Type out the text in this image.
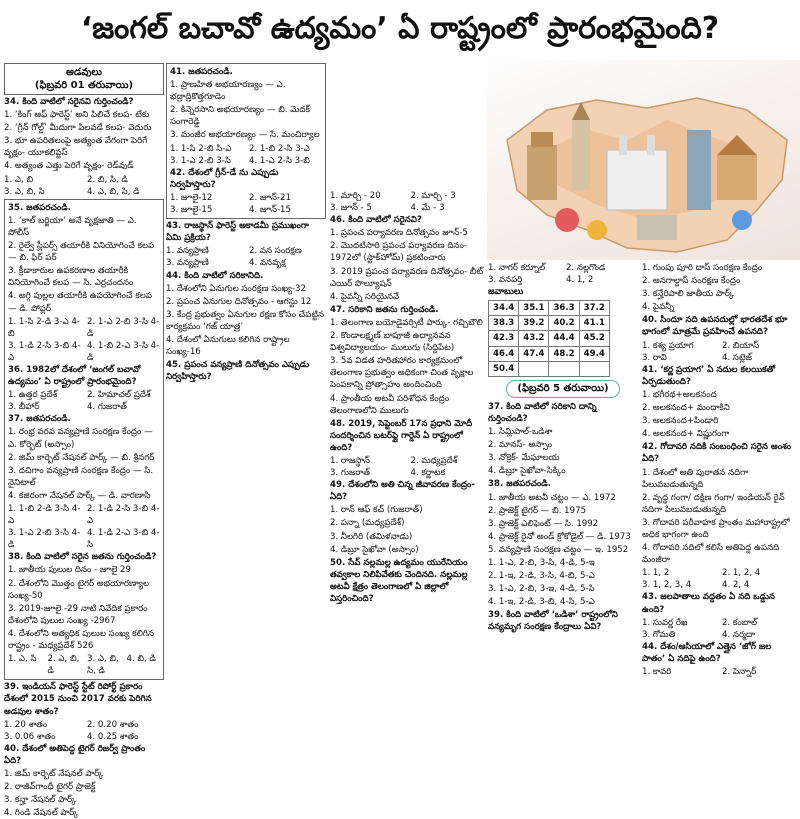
‘జంగల్ బచావో ఉద్యమం’ ఏ రాష్ట్రంలో ప్రారంభమైంది?
అడవులు
(ఫిబ్రవరి 01 తరువాయి)

34. కింది వాటిలో సరైనవి గుర్తించండి?

1. ‘కింగ్ ఆఫ్ ఫారెస్ట్’ అని పిలిచే కలప- టేకు

2. ‘గ్రీన్ గోల్డ్’ మీదుగా పిలవడే కలప- వెదురు

3. భూ ఉపరితలంపై అత్యంత వేగంగా పెరిగే వృక్షం- యూకలిప్టస్

4. అత్యంత ఎత్తు పెరిగే వృక్షం- రెడ్‌వుడ్

1. ఎ, బి	2. బి, సి, డి
3. ఎ, బి, సి	4. ఎ, బి, సి, డి

35. జతపరచండి.

1. ‘కాల్ బర్జియా’ అనే వృక్షజాతి — ఎ. పోలీస్

2. రైల్వే స్లీపర్స్ తయారీకి వినియోగించే కలప — బి. ఫిర్ పర్

3. క్రీడాకారుల ఉపకరణాల తయారీకి వినియోగించే కలప — సి. ఎర్రచందనం

4. అగ్గి పుల్లల తయారీకి ఉపయోగించే కలప — డి. పోప్లర్

1. 1-సి 2-డి 3-ఎ 4-బి
2. 1-ఎ 2-బి 3-సి 4-డి
3. 1-డి 2-సి 3-బి 4-ఎ
4. 1-బి 2-ఎ 3-సి 4-డి

36. 1982లో దేశంలో ‘జంగల్ బచావో ఉద్యమం’ ఏ రాష్ట్రంలో ప్రారంభమైంది?

1. ఉత్తర ప్రదేశ్	2. హిమాచల్ ప్రదేశ్
3. బీహార్	4. గుజరాత్

37. జతపరచండి.

1. రంభ్ర వరవ వన్యప్రాణి సంరక్షణ కేంద్రం — ఎ. కోర్బెట్ (అస్సాం)

2. జిమ్ కార్బెట్ నేషనల్ పార్క్ — బి. శ్రీనగర్

3. దచిగాం వన్యప్రాణి సంరక్షణ కేంద్రం — సి. నైనిటాల్

4. కజిరంగా నేషనల్ పార్క్ — డి. వారణాసి

1. 1-బి 2-డి 3-సి 4-ఎ
2. 1-డి 2-సి 3-బి 4-ఎ
3. 1-ఎ 2-బి 3-సి 4-డి
4. 1-డి 2-ఎ 3-బి 4-సి

38. కింది వాటిలో సరైన జతను గుర్తించండి?

1. జాతీయ పులుల దినం - జూలై 29

2. దేశంలోని మొత్తం టైగర్ అభయారణ్యాల సంఖ్య-50

3. 2019-జూలై -29 నాటి నివేదిక ప్రకారం దేశంలోని పులుల సంఖ్య -2967

4. దేశంలోని అత్యధిక పులుల సంఖ్య కలిగిన రాష్ట్రం - మధ్యప్రదేశ్ 526

1. ఎ, సి	2. ఎ, బి, డి
3. ఎ, బి, సి, డి
4. బి, డి

39. ఇండియన్ ఫారెస్ట్ స్టేట్ రిపోర్ట్ ప్రకారం దేశంలో 2015 నుంచి 2017 వరకు పెరిగిన అడవుల శాతం?

1. 20 శాతం	2. 0.20 శాతం
3. 0.06 శాతం	4. 0.25 శాతం

40. దేశంలో అతిపెద్ద టైగర్ రిజర్వ్ ప్రాంతం ఏది?

1. జిమ్ కార్బెట్ నేషనల్ పార్క్

2. రాజీవ్‌గాంధీ టైగర్ ప్రాజెక్ట్

3. కన్హా నేషనల్ పార్క్

4. గిండి నేషనల్ పార్క్

41. జతపరచండి.

1. ప్రాణహిత అభయారణ్యం — ఎ. భద్రాద్రికొత్తగూడెం

2. కిన్నెరసాని అభయారణ్యం — బి. మెదక్ సంగారెడ్డి

3. మంజీర అభయారణ్యం — సి. మంచిర్యాల

1. 1-సి 2-బి సి-ఎ	2. 1-బి 2-సి 3-ఎ
3. 1-ఎ 2-బి 3-సి	4. 1-ఎ 2-సి 3-బి

42. దేశంలో గ్రీన్-డే ను ఎప్పుడు నిర్వహిస్తారు?

1. జూలై-12	2. జూన్-21
3. జూలై-15	4. జూన్-15

43. రాజస్థాన్ ఫారెస్ట్ అకాడమీ ప్రముఖంగా ఏమి ప్రక్రియ?

1. వన్యప్రాణి	2. వన సంరక్షణ
3. వన్యప్రాణి	4. వనవృక్ష

44. కింది వాటిలో సరికానిది.

1. దేశంలోని ఏనుగుల సంరక్షణ సంఖ్య-32

2. ప్రపంచ ఏనుగుల దినోత్సవం - ఆగస్టు 12

3. కేంద్ర ప్రభుత్వం ఏనుగుల రక్షణ కోసం చేపట్టిన కార్యక్రమం ‘గజ్ యాత్ర’

4. దేశంలో ఏనుగులు కలిగిన రాష్ట్రాల సంఖ్య-16

45. ప్రపంచ వన్యప్రాణి దినోత్సవం ఎప్పుడు నిర్వహిస్తారు?

1. మార్చి - 20	2. మార్చి - 3
3. జూన్ - 5	4. మే - 3

46. కింది వాటిలో సరైనవి?

1. ప్రపంచ పర్యావరణ దినోత్సవం జూన్-5

2. మొదటిసారి ప్రపంచ పర్యావరణ దినం- 1972లో (స్టాక్‌హోమ్) ప్రకటించారు

3. 2019 ప్రపంచ పర్యావరణ దినోత్సవం- బీట్ ఎయిర్ పొల్యూషన్

4. పైవన్నీ సరియైనవే

47. సరికాని జతను గుర్తించండి.

1. తెలంగాణ బయోడైవర్సిటీ పార్కు- గచ్చిబౌలి

2. కొండాలక్ష్మణ్ బాపూజీ ఉద్యానవన విశ్వవిద్యాలయం- ములుగు (సిద్దిపేట)

3. 5వ విడత హరితహారం కార్యక్రమంలో తెలంగాణ ప్రభుత్వం అధికంగా చింత వృక్షాల పెంపకాన్ని ప్రోత్సాహం అందించింది

4. ప్రాంతీయ అటవీ పరిశోధన కేంద్రం తెలంగాణలోని ములుగు

48. 2019, సెప్టెంబర్ 17న ప్రధాని మోదీ సందర్శించిన బటర్‌ఫ్లై గార్డెన్ ఏ రాష్ట్రంలో ఉంది?

1. రాజస్థాన్	2. మధ్యప్రదేశ్
3. గుజరాత్	4. కర్ణాటక

49. దేశంలోని అతి చిన్న జీవావరణ కేంద్రం- ఏది?

1. రాన్ ఆఫ్ కచ్ (గుజరాత్)

2. పన్నా (మధ్యప్రదేశ్)

3. నీలగిరి (తమిళనాడు)

4. డిబ్రూ సైఖోవా (అస్సాం)

50. సేవ్ నల్లమల్ల ఉద్యమం యురేనియం తవ్వకాల నిలిపివేతకు చెందినది. నల్లమల్ల అటవీ క్షేత్రం తెలంగాణలో ఏ జిల్లాలో విస్తరించింది?

1. నాగర్ కర్నూల్	2. నల్లగొండ
3. వనపర్తి	4. 1, 2
జవాబులు
34.4	35.1	36.3	37.2
38.3	39.2	40.2	41.1
42.3	43.2	44.4	45.2
46.4	47.4	48.2	49.4
50.4			
(ఫిబ్రవరి 5 తరువాయి)

37. కింది వాటిలో సరికాని దాన్ని గుర్తించండి?

1. సిమ్లిపాల్-ఒడిశా

2. మానస్- అస్సాం

3. నోక్రెక్- మేఘాలయ

4. డిబ్రూ సైఖోవా-సిక్కిం

38. జతపరచండి.

1. జాతీయ అటవీ చట్టం — ఎ. 1972

2. ప్రాజెక్ట్ టైగర్ — బి. 1975

3. ప్రాజెక్ట్ ఎలిఫెంట్ — సి. 1992

4. ప్రాజెక్ట్ రైనో అండ్ క్రోకోడైల్ — డి. 1973

5. వన్యప్రాణి సంరక్షణ చట్టం — ఇ. 1952

1. 1-ఎ, 2-బి, 3-సి, 4-డి, 5-ఇ

2. 1-ఇ, 2-డి, 3-సి, 4-బి, 5-ఎ

3. 1-ఎ, 2-బి, 3-ఇ, 4-డి, 5-సి

4. 1-ఇ, 2-డి, 3-బి, 4-సి, 5-ఎ

39. కింది వాటిలో ‘ఒడిశా’ రాష్ట్రంలోని వన్యమృగ సంరక్షణ కేంద్రాలు ఏవి?

1. గుంపు పూరి దాస్ సంరక్షణ కేంద్రం

2. అనగాల్డాస్ సంరక్షణ కేంద్రం

3. కన్హేరిపాలి జాతీయ పార్క్

4. పైవన్నీ

40. సిందూ నది ఉపనదుల్లో భారతదేశ భూ భాగంలో మాత్రమే ప్రవహించే ఉపనది?

1. కశ్య ప్రయాగ	2. బియాస్
3. రావి	4. సట్లెజ్

41. ‘కర్ణ ప్రయాగ’ ఏ నదుల కలయికతో ఏర్పడుతుంది?

1. భగీరథ+అలకనంద

2. అలకనంద+ మందాకిని

3. అలకనంద+పిండారి

4. అలకనంద+ విష్ణుగంగా

42. గోదావరి నదికి సంబంధించి సరైన అంశం ఏది?

1. దేశంలో అతి పురాతన నదిగా పిలువబడుతున్నది

2. వృద్ధ గంగా/ దక్షిణ గంగా/ ఇండియన్ రైన్ నదిగా పిలువబడుతున్నది

3. గోదావరి పరీవాహక ప్రాంతం మహారాష్ట్రలో అధిక భాగంగా ఉంది

4. గోదావరి నదిలో కలిసే అతిపెద్ద ఉపనది మంజీరా

1. 1, 2	2. 1, 2, 4
3. 1, 2, 3, 4	4. 2, 4

43. జలపాతాలు వద్దతం ఏ నది ఒడ్డున ఉంది?

1. సువర్ణ రేఖ	2. కంబాల్
3. గోమతి	4. నర్మదా

44. దేశం/ఆసియాలో ఎత్తైన ‘జోగ్ జల పాతం’ ఏ నదిపై ఉంది?

1. కావరి	2. పెన్నార్
